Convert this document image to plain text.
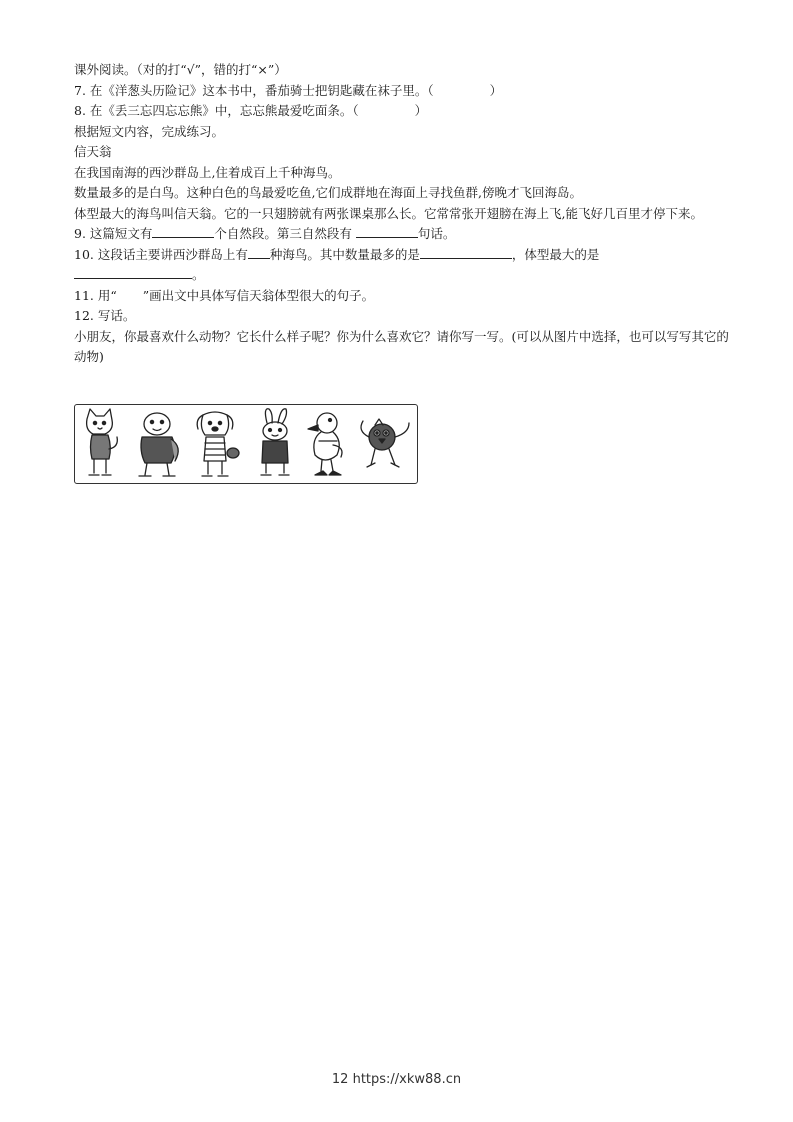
课外阅读。（对的打“√”，错的打“×”）

7. 在《洋葱头历险记》这本书中，番茄骑士把钥匙藏在袜子里。（	）

8. 在《丢三忘四忘忘熊》中，忘忘熊最爱吃面条。（	）

根据短文内容，完成练习。

信天翁

在我国南海的西沙群岛上,住着成百上千种海鸟。

数量最多的是白鸟。这种白色的鸟最爱吃鱼,它们成群地在海面上寻找鱼群,傍晚才飞回海岛。

体型最大的海鸟叫信天翁。它的一只翅膀就有两张课桌那么长。它常常张开翅膀在海上飞,能飞好几百里才停下来。

9. 这篇短文有	个自然段。第三自然段有	句话。

10. 这段话主要讲西沙群岛上有 种海鸟。其中数量最多的是	，体型最大的是

。

11. 用“ ”画出文中具体写信天翁体型很大的句子。

12. 写话。

小朋友，你最喜欢什么动物？它长什么样子呢？你为什么喜欢它？请你写一写。(可以从图片中选择，也可以写写其它的动物)

12 https://xkw88.cn
